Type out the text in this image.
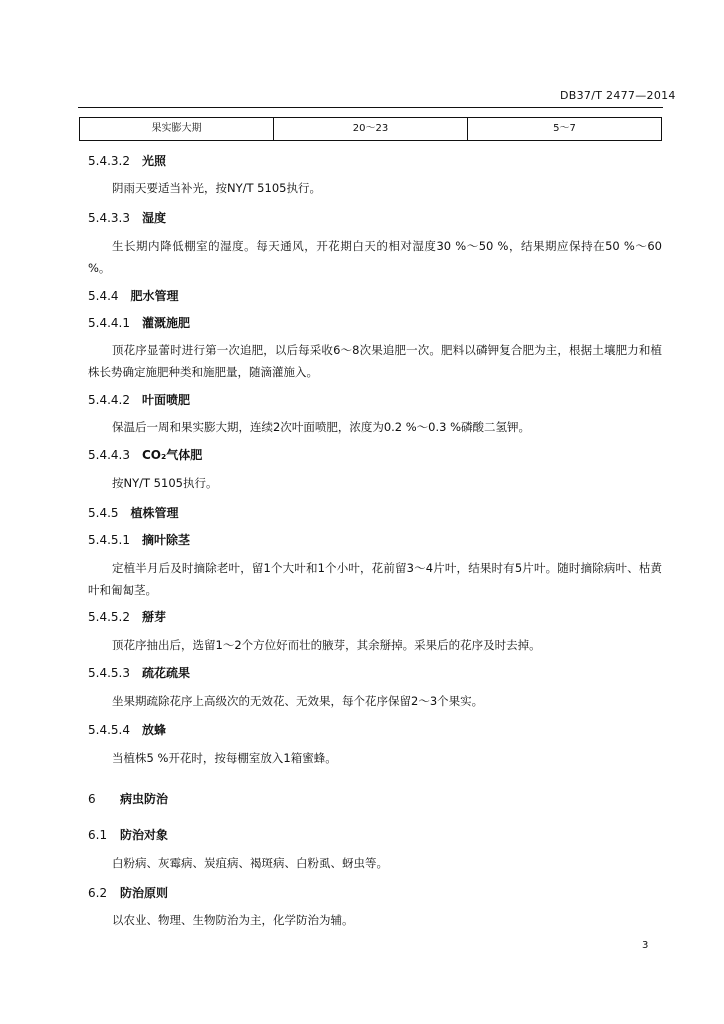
DB37/T 2477—2014
果实膨大期	20～23	5～7
5.4.3.2 光照
阴雨天要适当补光，按NY/T 5105执行。
5.4.3.3 湿度
生长期内降低棚室的湿度。每天通风，开花期白天的相对湿度30 %～50 %，结果期应保持在50 %～60 %。
5.4.4 肥水管理
5.4.4.1 灌溉施肥
顶花序显蕾时进行第一次追肥，以后每采收6～8次果追肥一次。肥料以磷钾复合肥为主，根据土壤肥力和植株长势确定施肥种类和施肥量，随滴灌施入。
5.4.4.2 叶面喷肥
保温后一周和果实膨大期，连续2次叶面喷肥，浓度为0.2 %～0.3 %磷酸二氢钾。
5.4.4.3 CO₂气体肥
按NY/T 5105执行。
5.4.5 植株管理
5.4.5.1 摘叶除茎
定植半月后及时摘除老叶，留1个大叶和1个小叶，花前留3～4片叶，结果时有5片叶。随时摘除病叶、枯黄叶和匍匐茎。
5.4.5.2 掰芽
顶花序抽出后，选留1～2个方位好而壮的腋芽，其余掰掉。采果后的花序及时去掉。
5.4.5.3 疏花疏果
坐果期疏除花序上高级次的无效花、无效果，每个花序保留2～3个果实。
5.4.5.4 放蜂
当植株5 %开花时，按每棚室放入1箱蜜蜂。
6 病虫防治
6.1 防治对象
白粉病、灰霉病、炭疽病、褐斑病、白粉虱、蚜虫等。
6.2 防治原则
以农业、物理、生物防治为主，化学防治为辅。
3
